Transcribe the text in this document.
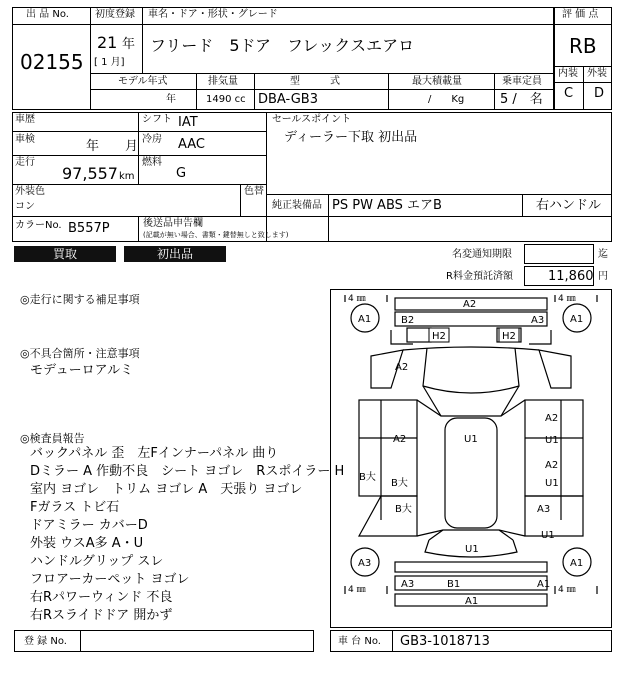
出 品 No.
02155
初度登録 車名・ドア・形状・グレード
21 年
[ 1 月]
フリード　5ドア　フレックスエアロ
モデル年式	排気量	型　　　式	最大積載量	乗車定員
年	1490 cc DBA-GB3	/　　Kg	5 /　名
評 価 点
RB
内装 外装
C D
車歴	シフト IAT
車検	年　　月 冷房 AAC
走行
97,557 km
燃料
G
セールスポイント
ディーラー下取 初出品
外装色
コン
色替
純正装備品 PS PW ABS エアB	右ハンドル
カラーNo. B557P	後送品申告欄
(記載が無い場合、書類・鍵替無しと致します)
買取	初出品	名変通知期限	迄
R料金預託済額	11,860 円
◎走行に関する補足事項
◎不具合箇所・注意事項
モデューロアルミ
◎検査員報告
バックパネル 歪　左Fインナーパネル 曲り
Dミラー A 作動不良　シート ヨゴレ　Rスポイラー H
室内 ヨゴレ　トリム ヨゴレ A　天張り ヨゴレ
Fガラス トビ石
ドアミラー カバーD
外装 ウスA多 A・U
ハンドルグリップ スレ
フロアーカーペット ヨゴレ
右Rパワーウィンド 不良
右Rスライドドア 開かず
4 ㎜	4 ㎜
4 ㎜	4 ㎜
A2
A1	A1
B2	A3
H2	H2
A2
A2	U1
A2
U1
A2
U1
B大
B大
B大	A3
U1
U1
A3	A1
A3	B1	A1
A1
登 録 No.	車 台 No. GB3-1018713
